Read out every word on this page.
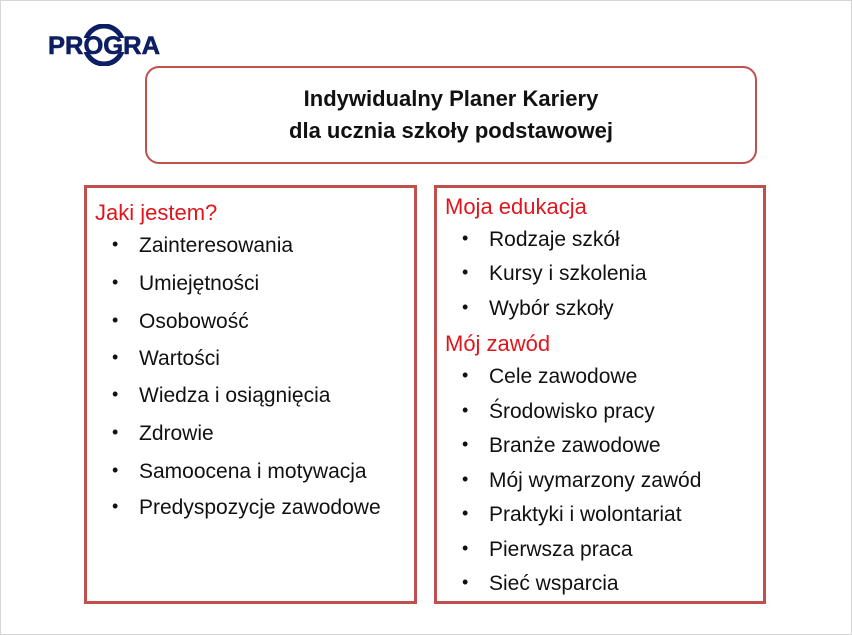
PROGRA
Indywidualny Planer Kariery
dla ucznia szkoły podstawowej
Jaki jestem?
• Zainteresowania
• Umiejętności
• Osobowość
• Wartości
• Wiedza i osiągnięcia
• Zdrowie
• Samoocena i motywacja
• Predyspozycje zawodowe
Moja edukacja
• Rodzaje szkół
• Kursy i szkolenia
• Wybór szkoły
Mój zawód
• Cele zawodowe
• Środowisko pracy
• Branże zawodowe
• Mój wymarzony zawód
• Praktyki i wolontariat
• Pierwsza praca
• Sieć wsparcia
